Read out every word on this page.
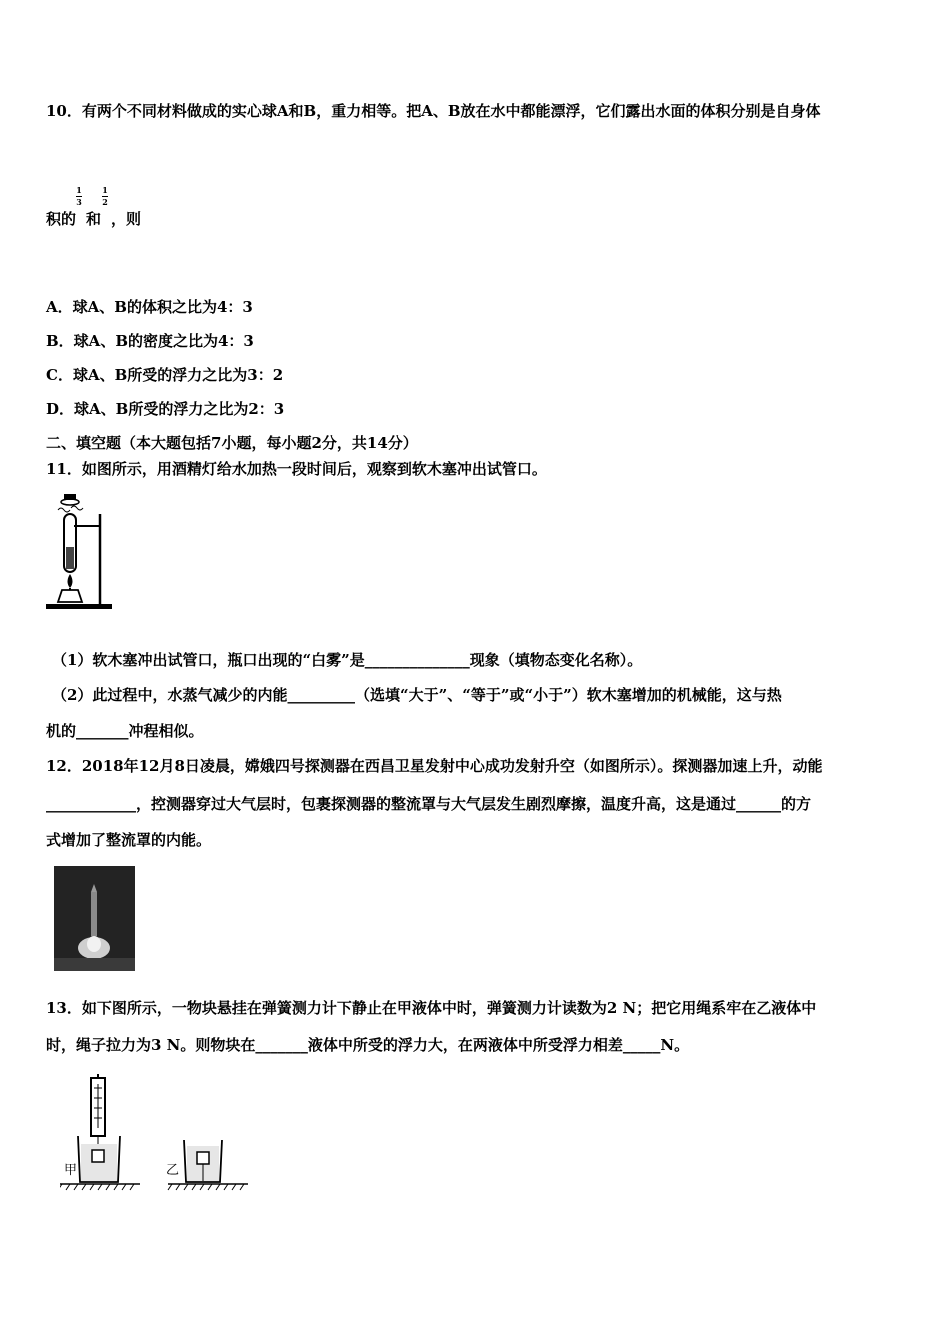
10．有两个不同材料做成的实心球A和B，重力相等。把A、B放在水中都能漂浮，它们露出水面的体积分别是自身体
积的 和 ，则
1
3
1
2
A．球A、B的体积之比为4：3
B．球A、B的密度之比为4：3
C．球A、B所受的浮力之比为3：2
D．球A、B所受的浮力之比为2：3
二、填空题（本大题包括7小题，每小题2分，共14分）
11．如图所示，用酒精灯给水加热一段时间后，观察到软木塞冲出试管口。
（1）软木塞冲出试管口，瓶口出现的“白雾”是______________现象（填物态变化名称）。
（2）此过程中，水蒸气减少的内能_________（选填“大于”、“等于”或“小于”）软木塞增加的机械能，这与热
机的_______冲程相似。
12．2018年12月8日凌晨，嫦娥四号探测器在西昌卫星发射中心成功发射升空（如图所示）。探测器加速上升，动能
____________，控测器穿过大气层时，包裹探测器的整流罩与大气层发生剧烈摩擦，温度升高，这是通过______的方
式增加了整流罩的内能。
13．如下图所示，一物块悬挂在弹簧测力计下静止在甲液体中时，弹簧测力计读数为2 N；把它用绳系牢在乙液体中
时，绳子拉力为3 N。则物块在_______液体中所受的浮力大，在两液体中所受浮力相差_____N。
甲	乙
